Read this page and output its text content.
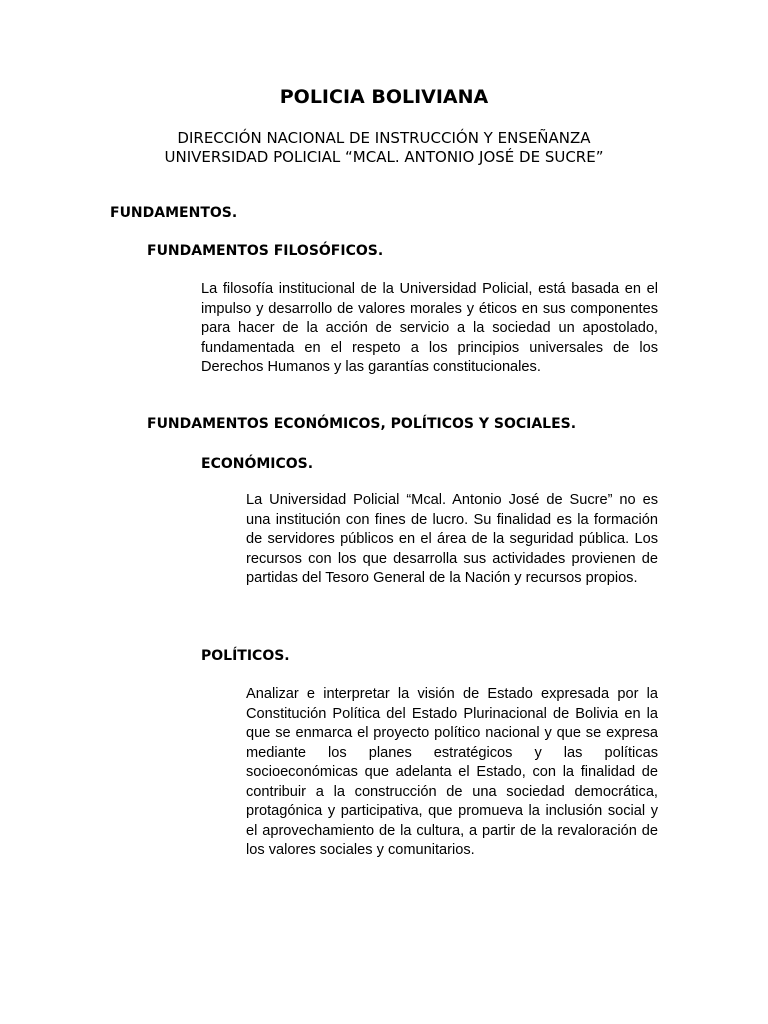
POLICIA BOLIVIANA

DIRECCIÓN NACIONAL DE INSTRUCCIÓN Y ENSEÑANZA

UNIVERSIDAD POLICIAL “MCAL. ANTONIO JOSÉ DE SUCRE”

FUNDAMENTOS.
FUNDAMENTOS FILOSÓFICOS.

La filosofía institucional de la Universidad Policial, está basada en el impulso y desarrollo de valores morales y éticos en sus componentes para hacer de la acción de servicio a la sociedad un apostolado, fundamentada en el respeto a los principios universales de los Derechos Humanos y las garantías constitucionales.

FUNDAMENTOS ECONÓMICOS, POLÍTICOS Y SOCIALES.
ECONÓMICOS.

La Universidad Policial “Mcal. Antonio José de Sucre” no es una institución con fines de lucro. Su finalidad es la formación de servidores públicos en el área de la seguridad pública. Los recursos con los que desarrolla sus actividades provienen de partidas del Tesoro General de la Nación y recursos propios.

POLÍTICOS.

Analizar e interpretar la visión de Estado expresada por la Constitución Política del Estado Plurinacional de Bolivia en la que se enmarca el proyecto político nacional y que se expresa mediante los planes estratégicos y las políticas socioeconómicas que adelanta el Estado, con la finalidad de contribuir a la construcción de una sociedad democrática, protagónica y participativa, que promueva la inclusión social y el aprovechamiento de la cultura, a partir de la revaloración de los valores sociales y comunitarios.
